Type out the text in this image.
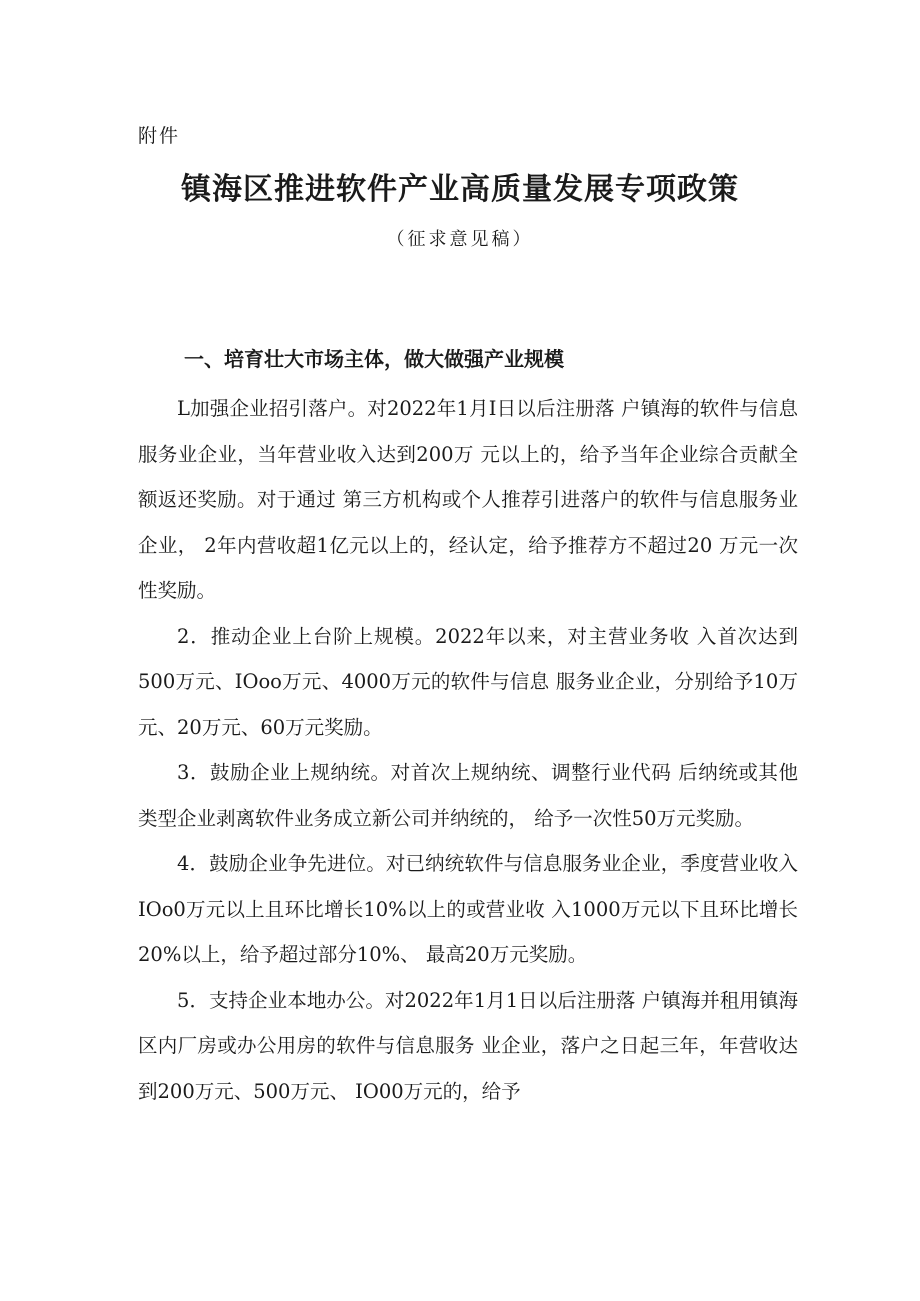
附件
镇海区推进软件产业高质量发展专项政策
（征求意见稿）
一、培育壮大市场主体，做大做强产业规模

L加强企业招引落户。对2022年1月I日以后注册落 户镇海的软件与信息服务业企业，当年营业收入达到200万 元以上的，给予当年企业综合贡献全额返还奖励。对于通过 第三方机构或个人推荐引进落户的软件与信息服务业企业， 2年内营收超1亿元以上的，经认定，给予推荐方不超过20 万元一次性奖励。

2．推动企业上台阶上规模。2022年以来，对主营业务收 入首次达到500万元、IOoo万元、4000万元的软件与信息 服务业企业，分别给予10万元、20万元、60万元奖励。

3．鼓励企业上规纳统。对首次上规纳统、调整行业代码 后纳统或其他类型企业剥离软件业务成立新公司并纳统的， 给予一次性50万元奖励。

4．鼓励企业争先进位。对已纳统软件与信息服务业企业，季度营业收入IOo0万元以上且环比增长10%以上的或营业收 入1000万元以下且环比增长20%以上，给予超过部分10%、 最高20万元奖励。

5．支持企业本地办公。对2022年1月1日以后注册落 户镇海并租用镇海区内厂房或办公用房的软件与信息服务 业企业，落户之日起三年，年营收达到200万元、500万元、 IO00万元的，给予
